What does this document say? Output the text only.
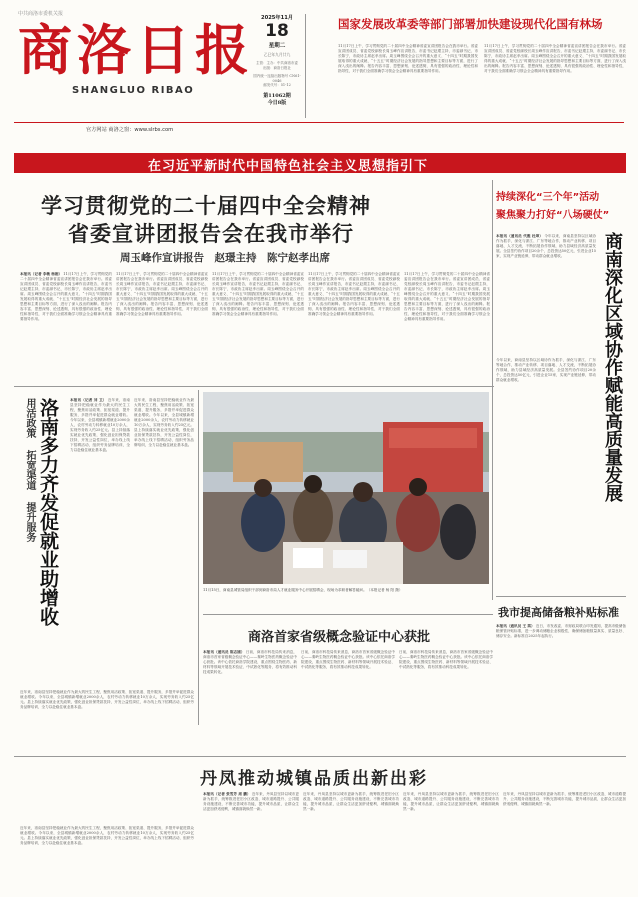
商洛日报
SHANGLUO RIBAO
中共商洛市委机关报
官方网站 商洛之窗：www.slrbs.com
2025年11月
18
星期二
乙巳年九月廿九
主管：主办：中共商洛市委
出版：商洛日报社
国内统一连续出版物号 CN61-0046
邮发代号：51-12
第11062期
今日8版
国家发展改革委等部门部署加快建设现代化国有林场
11月17日上午，学习贯彻党的二十届四中全会精神省委宣讲团报告会在我市举行。省委宣讲团成员、省委党校副校长周玉峰作宣讲报告，市委书记赵璟主持，市委副书记、市长陈宁，市政协主席赵孝出席。周玉峰围绕全会召开的重大意义、“十四五”时期我国发展取得的重大成就、“十五五”时期经济社会发展的指导思想和主要目标等方面，进行了深入浅出的阐释。报告内容丰富、思想深刻、论述透彻，具有很强的政治性、理论性和指导性，对于我们全面准确学习领会全会精神具有重要指导作用。
11月17日上午，学习贯彻党的二十届四中全会精神省委宣讲团报告会在我市举行。省委宣讲团成员、省委党校副校长周玉峰作宣讲报告，市委书记赵璟主持，市委副书记、市长陈宁，市政协主席赵孝出席。周玉峰围绕全会召开的重大意义、“十四五”时期我国发展取得的重大成就、“十五五”时期经济社会发展的指导思想和主要目标等方面，进行了深入浅出的阐释。报告内容丰富、思想深刻、论述透彻，具有很强的政治性、理论性和指导性，对于我们全面准确学习领会全会精神具有重要指导作用。
在习近平新时代中国特色社会主义思想指引下
学习贯彻党的二十届四中全会精神
省委宣讲团报告会在我市举行
周玉峰作宣讲报告　赵璟主持　陈宁赵孝出席
本报讯（记者 李敏 杨娟） 11月17日上午，学习贯彻党的二十届四中全会精神省委宣讲团报告会在我市举行。省委宣讲团成员、省委党校副校长周玉峰作宣讲报告，市委书记赵璟主持，市委副书记、市长陈宁，市政协主席赵孝出席。周玉峰围绕全会召开的重大意义、“十四五”时期我国发展取得的重大成就、“十五五”时期经济社会发展的指导思想和主要目标等方面，进行了深入浅出的阐释。报告内容丰富、思想深刻、论述透彻，具有很强的政治性、理论性和指导性，对于我们全面准确学习领会全会精神具有重要指导作用。
11月17日上午，学习贯彻党的二十届四中全会精神省委宣讲团报告会在我市举行。省委宣讲团成员、省委党校副校长周玉峰作宣讲报告，市委书记赵璟主持，市委副书记、市长陈宁，市政协主席赵孝出席。周玉峰围绕全会召开的重大意义、“十四五”时期我国发展取得的重大成就、“十五五”时期经济社会发展的指导思想和主要目标等方面，进行了深入浅出的阐释。报告内容丰富、思想深刻、论述透彻，具有很强的政治性、理论性和指导性，对于我们全面准确学习领会全会精神具有重要指导作用。
11月17日上午，学习贯彻党的二十届四中全会精神省委宣讲团报告会在我市举行。省委宣讲团成员、省委党校副校长周玉峰作宣讲报告，市委书记赵璟主持，市委副书记、市长陈宁，市政协主席赵孝出席。周玉峰围绕全会召开的重大意义、“十四五”时期我国发展取得的重大成就、“十五五”时期经济社会发展的指导思想和主要目标等方面，进行了深入浅出的阐释。报告内容丰富、思想深刻、论述透彻，具有很强的政治性、理论性和指导性，对于我们全面准确学习领会全会精神具有重要指导作用。
11月17日上午，学习贯彻党的二十届四中全会精神省委宣讲团报告会在我市举行。省委宣讲团成员、省委党校副校长周玉峰作宣讲报告，市委书记赵璟主持，市委副书记、市长陈宁，市政协主席赵孝出席。周玉峰围绕全会召开的重大意义、“十四五”时期我国发展取得的重大成就、“十五五”时期经济社会发展的指导思想和主要目标等方面，进行了深入浅出的阐释。报告内容丰富、思想深刻、论述透彻，具有很强的政治性、理论性和指导性，对于我们全面准确学习领会全会精神具有重要指导作用。
11月17日上午，学习贯彻党的二十届四中全会精神省委宣讲团报告会在我市举行。省委宣讲团成员、省委党校副校长周玉峰作宣讲报告，市委书记赵璟主持，市委副书记、市长陈宁，市政协主席赵孝出席。周玉峰围绕全会召开的重大意义、“十四五”时期我国发展取得的重大成就、“十五五”时期经济社会发展的指导思想和主要目标等方面，进行了深入浅出的阐释。报告内容丰富、思想深刻、论述透彻，具有很强的政治性、理论性和指导性，对于我们全面准确学习领会全会精神具有重要指导作用。
持续深化“三个年”活动
聚焦聚力打好“八场硬仗”
商南深化区域协作赋能高质量发展
本报讯（通讯员 代雅 杜坤） 今年以来，商南县坚持以区域协作为抓手，深化与浙江、广东等地合作，推动产业转移、项目落地、人才交流，不断拓展协作领域，助力县域经济高质量发展。全县签约协作项目20余个，总投资达50亿元，引进企业15家，实现产业链延伸，带动群众就业增收。
今年以来，商南县坚持以区域协作为抓手，深化与浙江、广东等地合作，推动产业转移、项目落地、人才交流，不断拓展协作领域，助力县域经济高质量发展。全县签约协作项目20余个，总投资达50亿元，引进企业15家，实现产业链延伸，带动群众就业增收。
用活政策
拓宽渠道
提升服务 洛南多力齐发促就业助增收	本报讯（记者 刘 卫） 近年来，洛南县坚持把稳就业作为最大的民生工程，聚焦用活政策、拓宽渠道、提升服务，多措并举促进群众就业增收。今年以来，全县城镇新增就业2000余人，农村劳动力转移就业10万余人，实现劳务收入约25亿元。县上持续落实就业优先政策，强化创业担保贷款扶持，开发公益性岗位，举办线上线下招聘活动，组织劳务品牌培训，全力以赴稳住就业基本盘。
近年来，洛南县坚持把稳就业作为最大的民生工程，聚焦用活政策、拓宽渠道、提升服务，多措并举促进群众就业增收。今年以来，全县城镇新增就业2000余人，农村劳动力转移就业10万余人，实现劳务收入约25亿元。县上持续落实就业优先政策，强化创业担保贷款扶持，开发公益性岗位，举办线上线下招聘活动，组织劳务品牌培训，全力以赴稳住就业基本盘。
近年来，洛南县坚持把稳就业作为最大的民生工程，聚焦用活政策、拓宽渠道、提升服务，多措并举促进群众就业增收。今年以来，全县城镇新增就业2000余人，农村劳动力转移就业10万余人，实现劳务收入约25亿元。县上持续落实就业优先政策，强化创业担保贷款扶持，开发公益性岗位，举办线上线下招聘活动，组织劳务品牌培训，全力以赴稳住就业基本盘。
11月15日，商南县城管局组织干部到商洛市局人才就业服务中心开展招聘会，现场为求职者解答疑问。（本报记者 杨 阳 摄）
商洛首家省级概念验证中心获批
本报讯（通讯员 陈志刚） 日前，商洛市科技局传来消息，商洛市首家省级概念验证中心——秦岭生物医药概念验证中心获批。该中心依托商洛学院建设，重点围绕生物医药、新材料等领域开展技术验证、中试熟化等服务，将有效推动科技成果转化。
日前，商洛市科技局传来消息，商洛市首家省级概念验证中心——秦岭生物医药概念验证中心获批。该中心依托商洛学院建设，重点围绕生物医药、新材料等领域开展技术验证、中试熟化等服务，将有效推动科技成果转化。
日前，商洛市科技局传来消息，商洛市首家省级概念验证中心——秦岭生物医药概念验证中心获批。该中心依托商洛学院建设，重点围绕生物医药、新材料等领域开展技术验证、中试熟化等服务，将有效推动科技成果转化。
我市提高储备粮补贴标准
本报讯（通讯员 王 茜） 近日，市发改委、市财政局联合印发通知，提高市级储备粮保管补贴标准，进一步调动储粮企业积极性，确保储备粮数量真实、质量良好、储存安全。新标准自2025年起执行。
丹凤推动城镇品质出新出彩
本报讯（记者 张雪芳 周 鹏） 近年来，丹凤县坚持以城市更新为抓手，统筹推进老旧小区改造、城市道路提升、公共服务设施建设，不断完善城市功能，提升城市品质，让群众生活更加舒适便利，城镇面貌焕然一新。
近年来，丹凤县坚持以城市更新为抓手，统筹推进老旧小区改造、城市道路提升、公共服务设施建设，不断完善城市功能，提升城市品质，让群众生活更加舒适便利，城镇面貌焕然一新。
近年来，丹凤县坚持以城市更新为抓手，统筹推进老旧小区改造、城市道路提升、公共服务设施建设，不断完善城市功能，提升城市品质，让群众生活更加舒适便利，城镇面貌焕然一新。
近年来，丹凤县坚持以城市更新为抓手，统筹推进老旧小区改造、城市道路提升、公共服务设施建设，不断完善城市功能，提升城市品质，让群众生活更加舒适便利，城镇面貌焕然一新。
近年来，洛南县坚持把稳就业作为最大的民生工程，聚焦用活政策、拓宽渠道、提升服务，多措并举促进群众就业增收。今年以来，全县城镇新增就业2000余人，农村劳动力转移就业10万余人，实现劳务收入约25亿元。县上持续落实就业优先政策，强化创业担保贷款扶持，开发公益性岗位，举办线上线下招聘活动，组织劳务品牌培训，全力以赴稳住就业基本盘。
